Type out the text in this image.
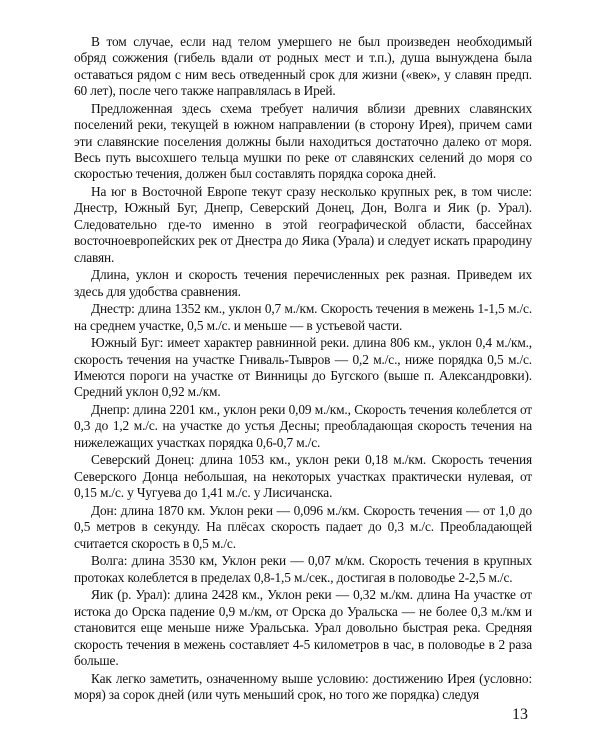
В том случае, если над телом умершего не был произведен необходимый обряд сожжения (гибель вдали от родных мест и т.п.), душа вынуждена была оставаться рядом с ним весь отведенный срок для жизни («век», у славян предп. 60 лет), после чего также направлялась в Ирей.

Предложенная здесь схема требует наличия вблизи древних славянских поселений реки, текущей в южном направлении (в сторону Ирея), причем сами эти славянские поселения должны были находиться достаточно далеко от моря. Весь путь высохшего тельца мушки по реке от славянских селений до моря со скоростью течения, должен был составлять порядка сорока дней.

На юг в Восточной Европе текут сразу несколько крупных рек, в том числе: Днестр, Южный Буг, Днепр, Северский Донец, Дон, Волга и Яик (р. Урал). Следовательно где-то именно в этой географической области, бассейнах восточноевропейских рек от Днестра до Яика (Урала) и следует искать прародину славян.

Длина, уклон и скорость течения перечисленных рек разная. Приведем их здесь для удобства сравнения.

Днестр: длина 1352 км., уклон 0,7 м./км. Скорость течения в межень 1-1,5 м./с. на среднем участке, 0,5 м./с. и меньше — в устьевой части.

Южный Буг: имеет характер равнинной реки. длина 806 км., уклон 0,4 м./км., скорость течения на участке Гниваль-Тывров — 0,2 м./с., ниже порядка 0,5 м./с. Имеются пороги на участке от Винницы до Бугского (выше п. Александровки). Средний уклон 0,92 м./км.

Днепр: длина 2201 км., уклон реки 0,09 м./км., Скорость течения колеблется от 0,3 до 1,2 м./с. на участке до устья Десны; преобладающая скорость течения на нижележащих участках порядка 0,6-0,7 м./с.

Северский Донец: длина 1053 км., уклон реки 0,18 м./км. Скорость течения Северского Донца небольшая, на некоторых участках практически нулевая, от 0,15 м./с. у Чугуева до 1,41 м./с. у Лисичанска.

Дон: длина 1870 км. Уклон реки — 0,096 м./км. Скорость течения — от 1,0 до 0,5 метров в секунду. На плёсах скорость падает до 0,3 м./с. Преобладающей считается скорость в 0,5 м./с.

Волга: длина 3530 км, Уклон реки — 0,07 м/км. Скорость течения в крупных протоках колеблется в пределах 0,8-1,5 м./сек., достигая в половодье 2-2,5 м./с.

Яик (р. Урал): длина 2428 км., Уклон реки — 0,32 м./км. длина На участке от истока до Орска падение 0,9 м./км, от Орска до Уральска — не более 0,3 м./км и становится еще меньше ниже Уральська. Урал довольно быстрая река. Средняя скорость течения в межень составляет 4-5 километров в час, в половодье в 2 раза больше.

Как легко заметить, означенному выше условию: достижению Ирея (условно: моря) за сорок дней (или чуть меньший срок, но того же порядка) следуя

13
